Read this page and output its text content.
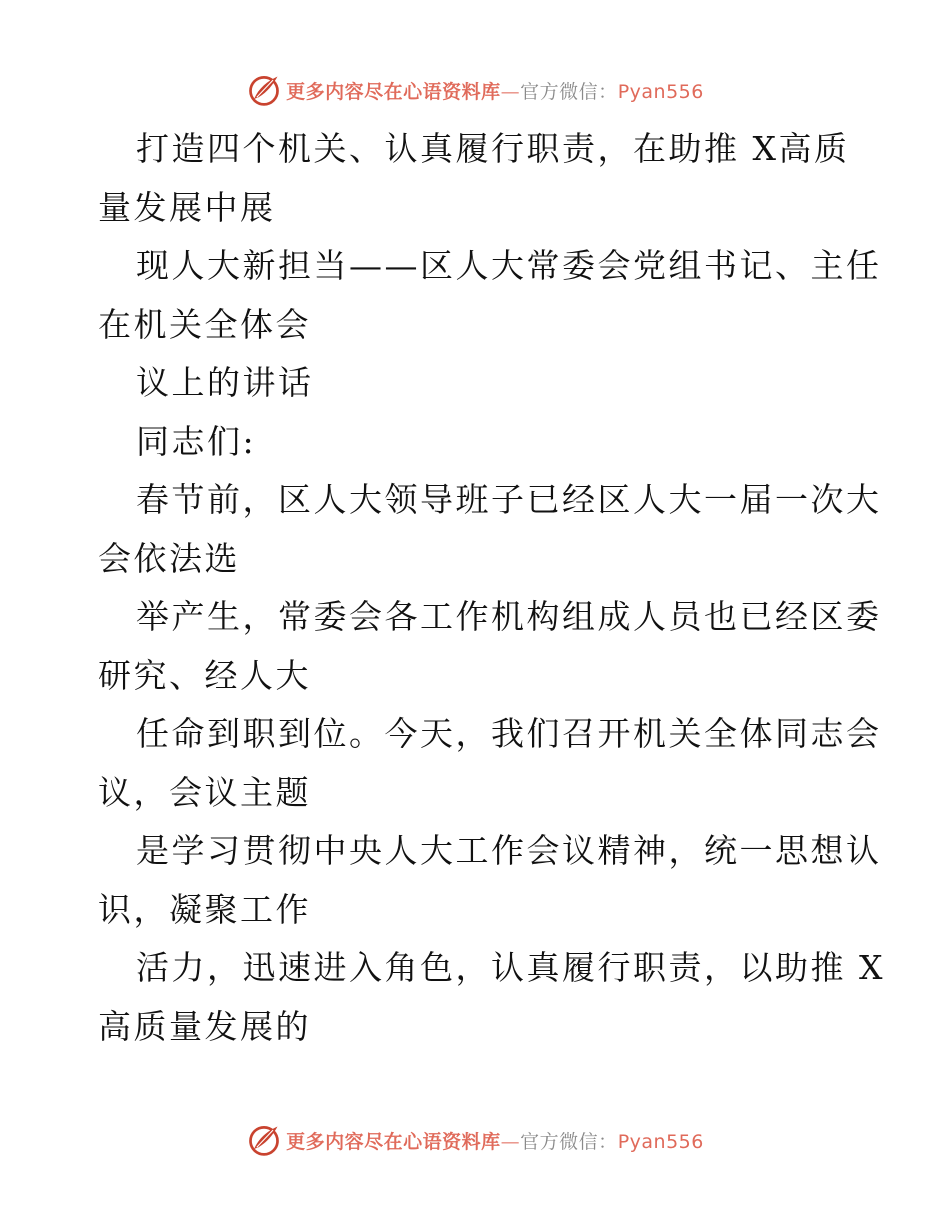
更多内容尽在心语资料库—官方微信：Pyan556
打造四个机关、认真履行职责，在助推 X高质
量发展中展
现人大新担当——区人大常委会党组书记、主任
在机关全体会
议上的讲话
同志们:
春节前，区人大领导班子已经区人大一届一次大
会依法选
举产生，常委会各工作机构组成人员也已经区委
研究、经人大
任命到职到位。今天，我们召开机关全体同志会
议，会议主题
是学习贯彻中央人大工作会议精神，统一思想认
识，凝聚工作
活力，迅速进入角色，认真履行职责，以助推 X
高质量发展的
更多内容尽在心语资料库—官方微信：Pyan556
